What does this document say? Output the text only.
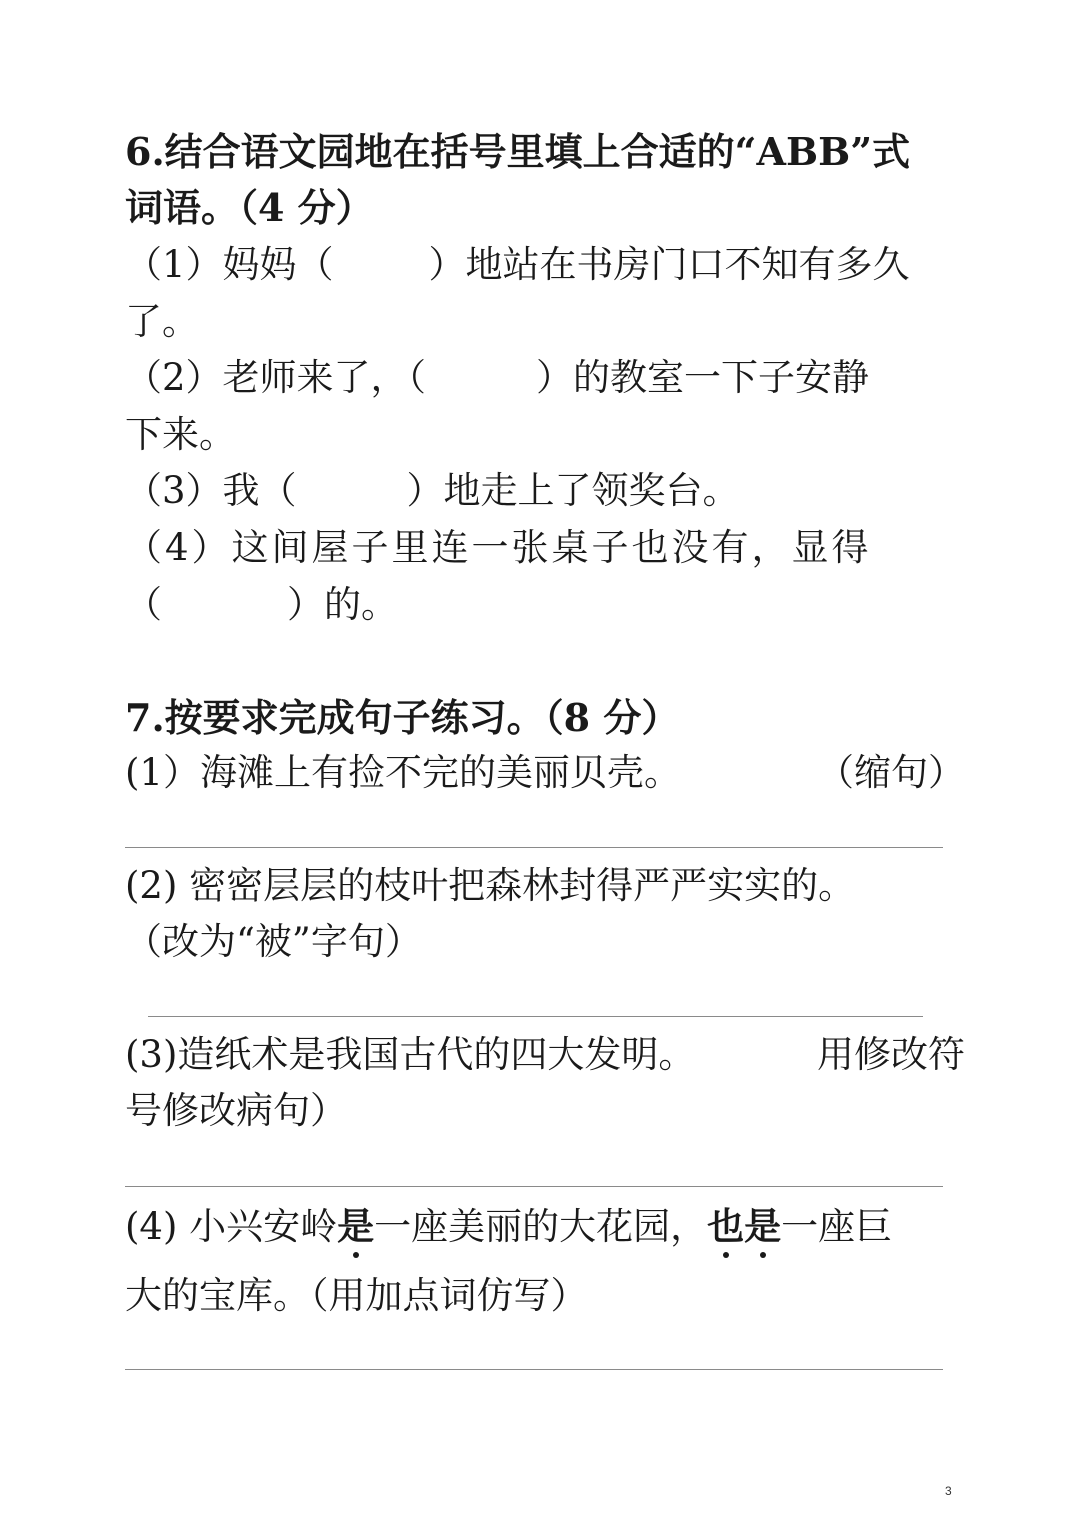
6.结合语文园地在括号里填上合适的“ABB”式
词语。（4 分）
（1）妈妈（	）地站在书房门口不知有多久
了。
（2）老师来了，（	）的教室一下子安静
下来。
（3）我（	）地走上了领奖台。
（4）这间屋子里连一张桌子也没有，显得
（	）的。
7.按要求完成句子练习。（8 分）
(1）海滩上有捡不完的美丽贝壳。	（缩句）
(2) 密密层层的枝叶把森林封得严严实实的。
（改为“被”字句）
(3)造纸术是我国古代的四大发明。	用修改符
号修改病句）
(4) 小兴安岭是一座美丽的大花园，也是一座巨
大的宝库。（用加点词仿写）
3
